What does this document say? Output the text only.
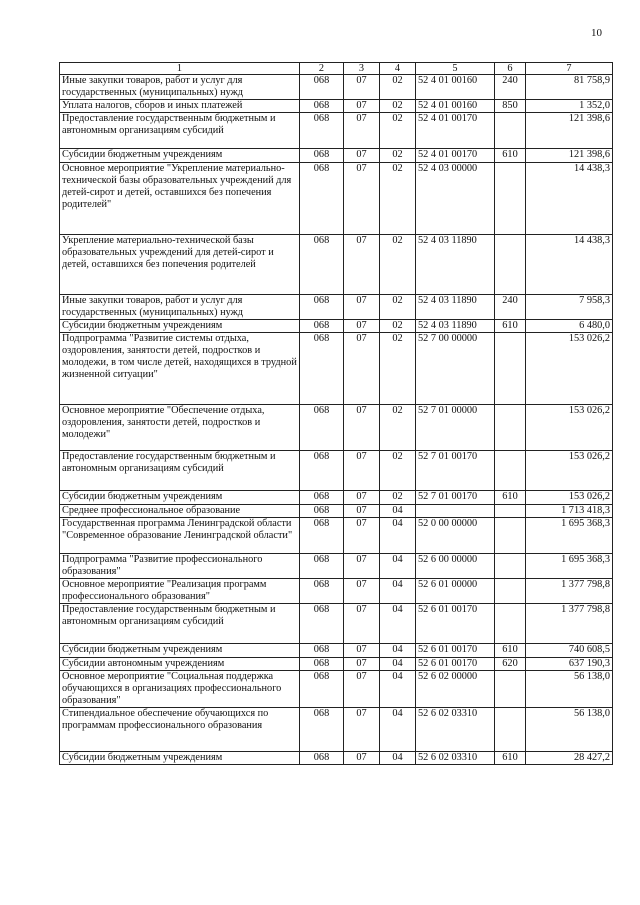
10
1	2	3	4	5	6	7
Иные закупки товаров, работ и услуг для государственных (муниципальных) нужд	068	07	02	52 4 01 00160	240	81 758,9
Уплата налогов, сборов и иных платежей	068	07	02	52 4 01 00160	850	1 352,0
Предоставление государственным бюджетным и автономным организациям субсидий	068	07	02	52 4 01 00170		121 398,6
Субсидии бюджетным учреждениям	068	07	02	52 4 01 00170	610	121 398,6
Основное мероприятие "Укрепление материально-технической базы образовательных учреждений для детей-сирот и детей, оставшихся без попечения родителей"	068	07	02	52 4 03 00000		14 438,3
Укрепление материально-технической базы образовательных учреждений для детей-сирот и детей, оставшихся без попечения родителей	068	07	02	52 4 03 11890		14 438,3
Иные закупки товаров, работ и услуг для государственных (муниципальных) нужд	068	07	02	52 4 03 11890	240	7 958,3
Субсидии бюджетным учреждениям	068	07	02	52 4 03 11890	610	6 480,0
Подпрограмма "Развитие системы отдыха, оздоровления, занятости детей, подростков и молодежи, в том числе детей, находящихся в трудной жизненной ситуации"	068	07	02	52 7 00 00000		153 026,2
Основное мероприятие "Обеспечение отдыха, оздоровления, занятости детей, подростков и молодежи"	068	07	02	52 7 01 00000		153 026,2
Предоставление государственным бюджетным и автономным организациям субсидий	068	07	02	52 7 01 00170		153 026,2
Субсидии бюджетным учреждениям	068	07	02	52 7 01 00170	610	153 026,2
Среднее профессиональное образование	068	07	04			1 713 418,3
Государственная программа Ленинградской области "Современное образование Ленинградской области"	068	07	04	52 0 00 00000		1 695 368,3
Подпрограмма "Развитие профессионального образования"	068	07	04	52 6 00 00000		1 695 368,3
Основное мероприятие "Реализация программ профессионального образования"	068	07	04	52 6 01 00000		1 377 798,8
Предоставление государственным бюджетным и автономным организациям субсидий	068	07	04	52 6 01 00170		1 377 798,8
Субсидии бюджетным учреждениям	068	07	04	52 6 01 00170	610	740 608,5
Субсидии автономным учреждениям	068	07	04	52 6 01 00170	620	637 190,3
Основное мероприятие "Социальная поддержка обучающихся в организациях профессионального образования"	068	07	04	52 6 02 00000		56 138,0
Стипендиальное обеспечение обучающихся по программам профессионального образования	068	07	04	52 6 02 03310		56 138,0
Субсидии бюджетным учреждениям	068	07	04	52 6 02 03310	610	28 427,2
